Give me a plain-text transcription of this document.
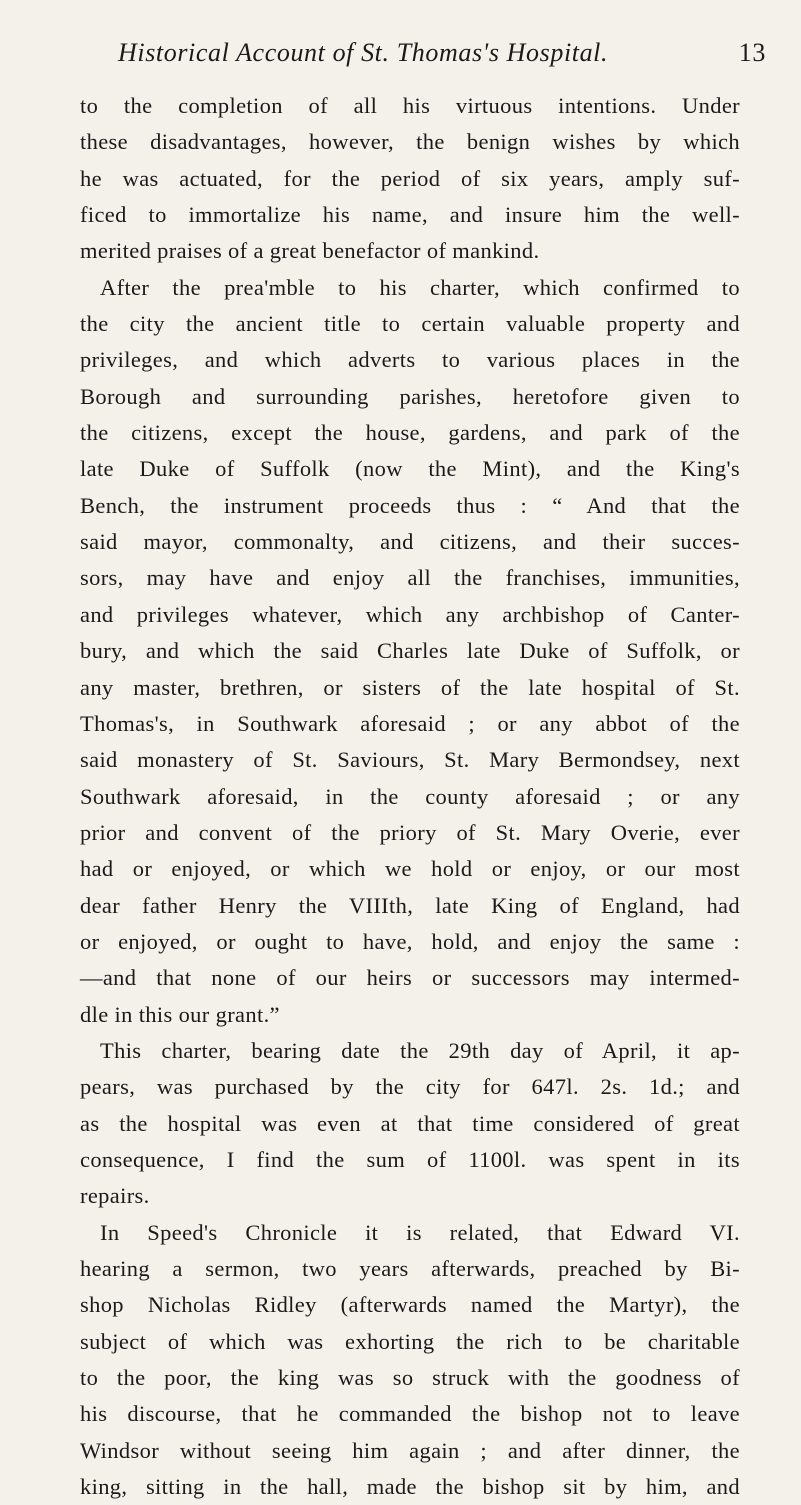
Historical Account of St. Thomas's Hospital.	13
to the completion of all his virtuous intentions. Under
these disadvantages, however, the benign wishes by which
he was actuated, for the period of six years, amply suf-
ficed to immortalize his name, and insure him the well-
merited praises of a great benefactor of mankind.
After the prea'mble to his charter, which confirmed to
the city the ancient title to certain valuable property and
privileges, and which adverts to various places in the
Borough and surrounding parishes, heretofore given to
the citizens, except the house, gardens, and park of the
late Duke of Suffolk (now the Mint), and the King's
Bench, the instrument proceeds thus : “ And that the
said mayor, commonalty, and citizens, and their succes-
sors, may have and enjoy all the franchises, immunities,
and privileges whatever, which any archbishop of Canter-
bury, and which the said Charles late Duke of Suffolk, or
any master, brethren, or sisters of the late hospital of St.
Thomas's, in Southwark aforesaid ; or any abbot of the
said monastery of St. Saviours, St. Mary Bermondsey, next
Southwark aforesaid, in the county aforesaid ; or any
prior and convent of the priory of St. Mary Overie, ever
had or enjoyed, or which we hold or enjoy, or our most
dear father Henry the VIIIth, late King of England, had
or enjoyed, or ought to have, hold, and enjoy the same :
—and that none of our heirs or successors may intermed-
dle in this our grant.”
This charter, bearing date the 29th day of April, it ap-
pears, was purchased by the city for 647l. 2s. 1d.; and
as the hospital was even at that time considered of great
consequence, I find the sum of 1100l. was spent in its
repairs.
In Speed's Chronicle it is related, that Edward VI.
hearing a sermon, two years afterwards, preached by Bi-
shop Nicholas Ridley (afterwards named the Martyr), the
subject of which was exhorting the rich to be charitable
to the poor, the king was so struck with the goodness of
his discourse, that he commanded the bishop not to leave
Windsor without seeing him again ; and after dinner, the
king, sitting in the hall, made the bishop sit by him, and
